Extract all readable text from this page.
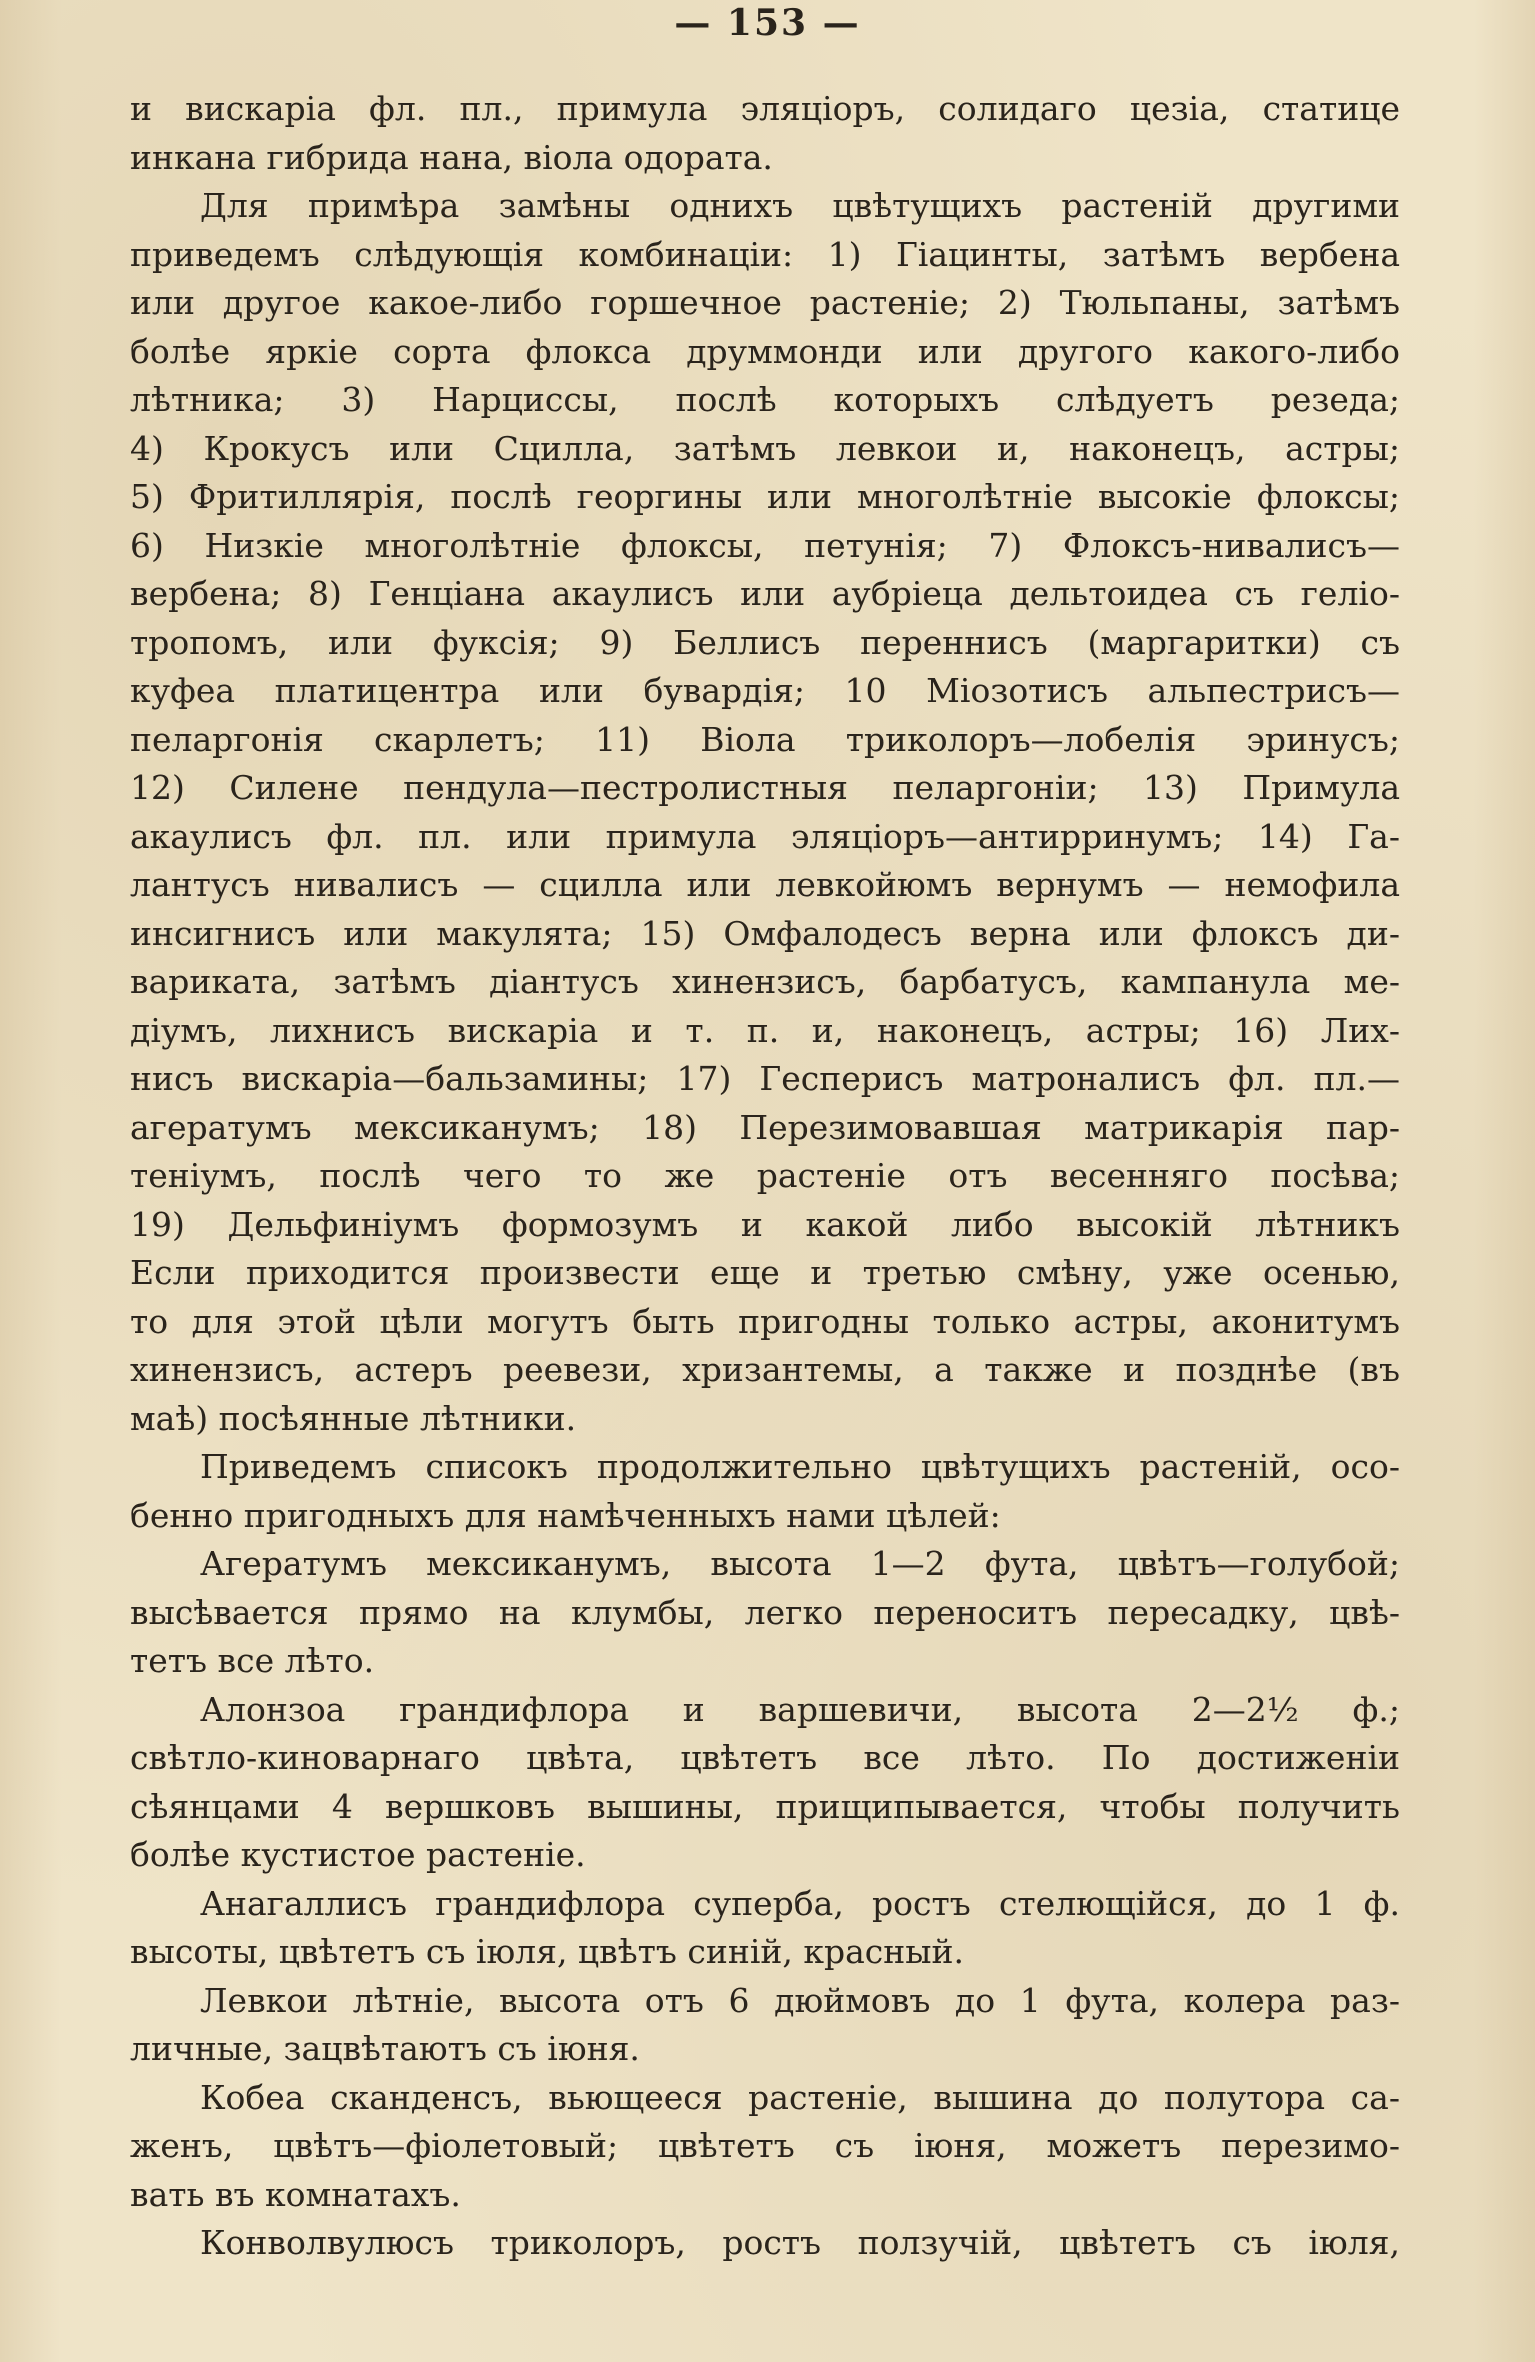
— 153 —
и вискарiа фл. пл., примула эляцiоръ, солидаго цезiа, статице
инкана гибрида нана, вiола одората.
Для примѣра замѣны однихъ цвѣтущихъ растенiй другими
приведемъ слѣдующiя комбинацiи: 1) Гiацинты, затѣмъ вербена
или другое какое-либо горшечное растенiе; 2) Тюльпаны, затѣмъ
болѣе яркiе сорта флокса друммонди или другого какого-либо
лѣтника; 3) Нарциссы, послѣ которыхъ слѣдуетъ резеда;
4) Крокусъ или Сцилла, затѣмъ левкои и, наконецъ, астры;
5) Фритиллярiя, послѣ георгины или многолѣтнiе высокiе флоксы;
6) Низкiе многолѣтнiе флоксы, петунiя; 7) Флоксъ-нивалисъ—
вербена; 8) Генцiана акаулисъ или аубрiеца дельтоидеа съ гелio-
тропомъ, или фуксiя; 9) Беллисъ переннисъ (маргаритки) съ
куфеа платицентра или бувардiя; 10 Мiозотисъ альпестрисъ—
пеларгонiя скарлетъ; 11) Вiола триколоръ—лобелiя эринусъ;
12) Силене пендула—пестролистныя пеларгонiи; 13) Примула
акаулисъ фл. пл. или примула эляцiоръ—антирринумъ; 14) Га-
лантусъ нивалисъ — сцилла или левкойюмъ вернумъ — немофила
инсигнисъ или макулята; 15) Омфалодесъ верна или флоксъ ди-
вариката, затѣмъ дiантусъ хинензисъ, барбатусъ, кампанула ме-
дiумъ, лихнисъ вискарiа и т. п. и, наконецъ, астры; 16) Лих-
нисъ вискарiа—бальзамины; 17) Гесперисъ матроналисъ фл. пл.—
агератумъ мексиканумъ; 18) Перезимовавшая матрикарiя пар-
тенiумъ, послѣ чего то же растенiе отъ весенняго посѣва;
19) Дельфинiумъ формозумъ и какой либо высокiй лѣтникъ
Если приходится произвести еще и третью смѣну, уже осенью,
то для этой цѣли могутъ быть пригодны только астры, аконитумъ
хинензисъ, астеръ реевези, хризантемы, а также и позднѣе (въ
маѣ) посѣянные лѣтники.
Приведемъ списокъ продолжительно цвѣтущихъ растенiй, осо-
бенно пригодныхъ для намѣченныхъ нами цѣлей:
Агератумъ мексиканумъ, высота 1—2 фута, цвѣтъ—голубой;
высѣвается прямо на клумбы, легко переноситъ пересадку, цвѣ-
тетъ все лѣто.
Алонзоа грандифлора и варшевичи, высота 2—2½ ф.;
свѣтло-киноварнаго цвѣта, цвѣтетъ все лѣто. По достиженiи
сѣянцами 4 вершковъ вышины, прищипывается, чтобы получить
болѣе кустистое растенiе.
Анагаллисъ грандифлора суперба, ростъ стелющiйся, до 1 ф.
высоты, цвѣтетъ съ iюля, цвѣтъ синiй, красный.
Левкои лѣтнiе, высота отъ 6 дюймовъ до 1 фута, колера раз-
личные, зацвѣтаютъ съ iюня.
Кобеа скандeнсъ, вьющееся растенiе, вышина до полутора са-
женъ, цвѣтъ—фiолетовый; цвѣтетъ съ iюня, можетъ перезимо-
вать въ комнатахъ.
Конволвулюсъ триколоръ, ростъ ползучiй, цвѣтетъ съ iюля,
